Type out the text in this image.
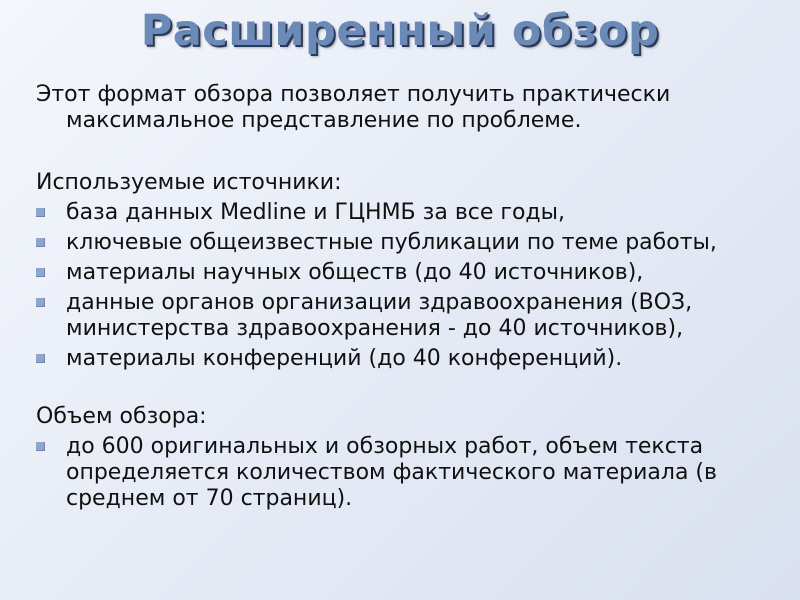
Расширенный обзор

Этот формат обзора позволяет получить практически максимальное представление по проблеме.

Используемые источники:

база данных Medline и ГЦНМБ за все годы,
ключевые общеизвестные публикации по теме работы,
материалы научных обществ (до 40 источников),
данные органов организации здравоохранения (ВОЗ, министерства здравоохранения - до 40 источников),
материалы конференций (до 40 конференций).

Объем обзора:

до 600 оригинальных и обзорных работ, объем текста определяется количеством фактического материала (в среднем от 70 страниц).
